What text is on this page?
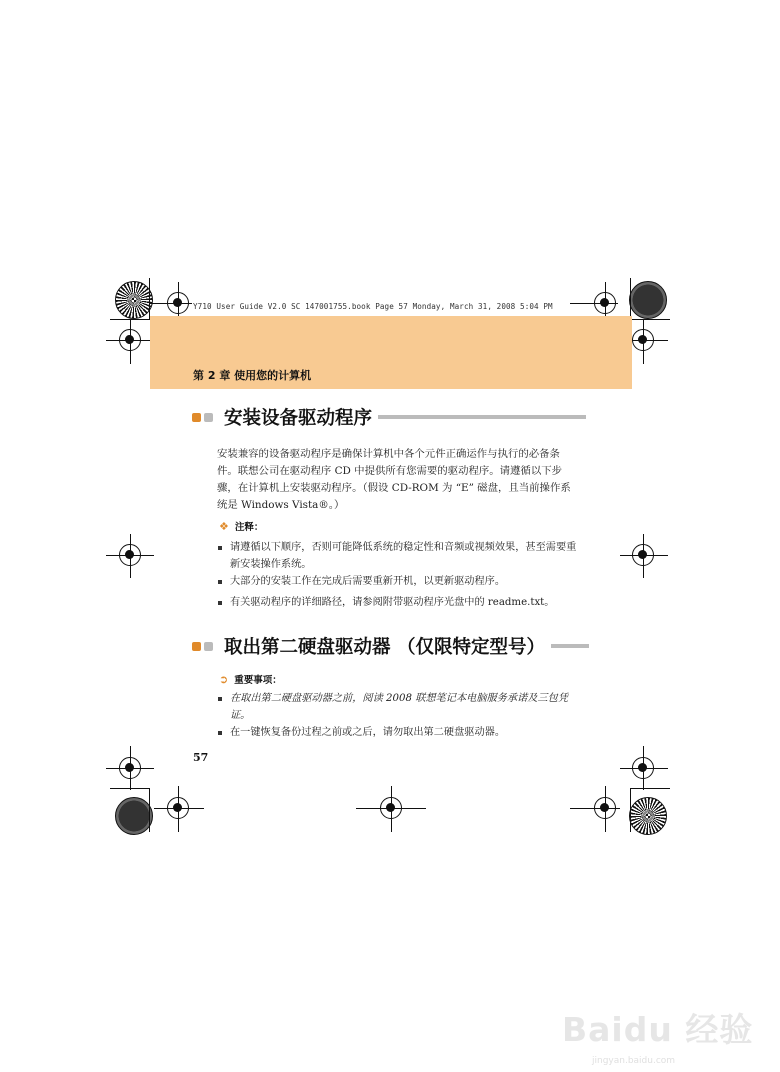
Y710 User Guide V2.0 SC 147001755.book Page 57 Monday, March 31, 2008 5:04 PM
第 2 章 使用您的计算机
安装设备驱动程序
安装兼容的设备驱动程序是确保计算机中各个元件正确运作与执行的必备条件。联想公司在驱动程序 CD 中提供所有您需要的驱动程序。请遵循以下步骤，在计算机上安装驱动程序。（假设 CD-ROM 为 “E” 磁盘，且当前操作系统是 Windows Vista®。）
❖ 注释：
请遵循以下顺序，否则可能降低系统的稳定性和音频或视频效果，甚至需要重新安装操作系统。
大部分的安装工作在完成后需要重新开机，以更新驱动程序。
有关驱动程序的详细路径，请参阅附带驱动程序光盘中的 readme.txt。
取出第二硬盘驱动器 （仅限特定型号）
➲ 重要事项：
在取出第二硬盘驱动器之前，阅读 2008 联想笔记本电脑服务承诺及三包凭证。
在一键恢复备份过程之前或之后，请勿取出第二硬盘驱动器。
57
Baidu 经验
jingyan.baidu.com
